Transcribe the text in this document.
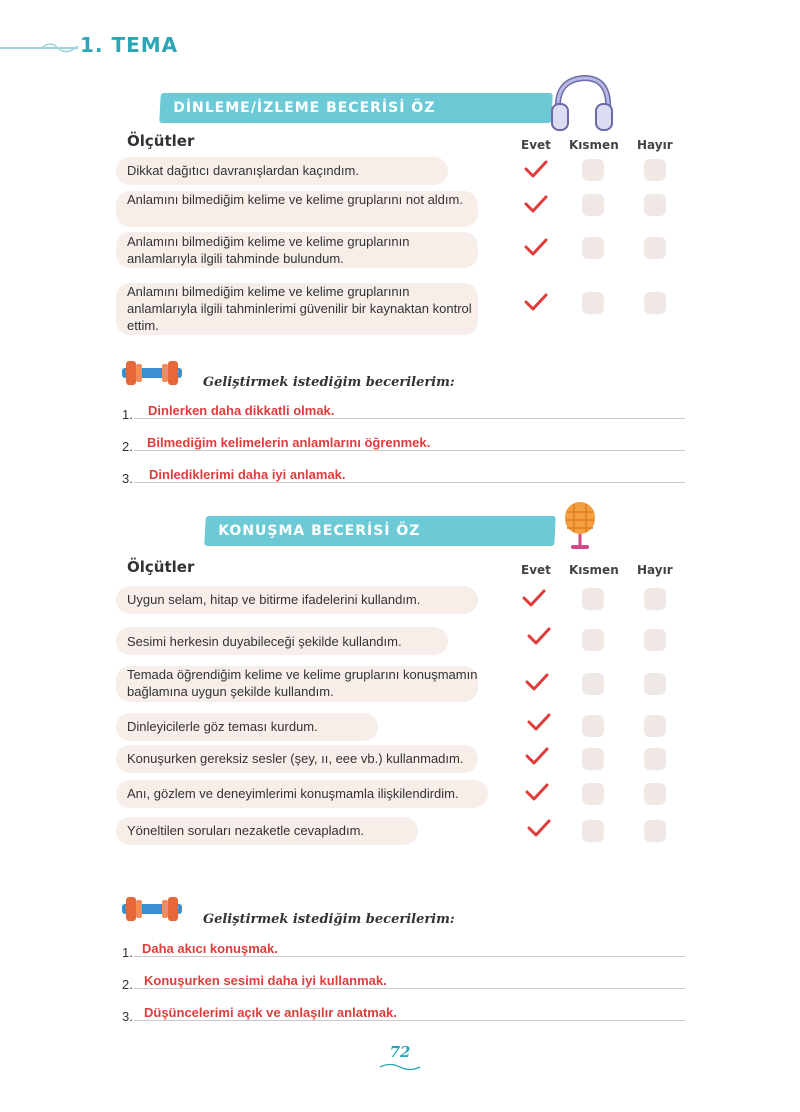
1. TEMA
DİNLEME/İZLEME BECERİSİ ÖZ DEĞERLENDİRME ÖLÇEĞİ
Ölçütler	Evet Kısmen Hayır
Dikkat dağıtıcı davranışlardan kaçındım.
Anlamını bilmediğim kelime ve kelime gruplarını not aldım.
Anlamını bilmediğim kelime ve kelime gruplarının anlamlarıyla ilgili tahminde bulundum.
Anlamını bilmediğim kelime ve kelime gruplarının anlamlarıyla ilgili tahminlerimi güvenilir bir kaynaktan kontrol ettim.
Geliştirmek istediğim becerilerim:
1. Dinlerken daha dikkatli olmak.
2. Bilmediğim kelimelerin anlamlarını öğrenmek.
3. Dinlediklerimi daha iyi anlamak.
KONUŞMA BECERİSİ ÖZ DEĞERLENDİRME ÖLÇEĞİ
Ölçütler	Evet Kısmen Hayır
Uygun selam, hitap ve bitirme ifadelerini kullandım.
Sesimi herkesin duyabileceği şekilde kullandım.
Temada öğrendiğim kelime ve kelime gruplarını konuşmamın bağlamına uygun şekilde kullandım.
Dinleyicilerle göz teması kurdum.
Konuşurken gereksiz sesler (şey, ıı, eee vb.) kullanmadım.
Anı, gözlem ve deneyimlerimi konuşmamla ilişkilendirdim.
Yöneltilen soruları nezaketle cevapladım.
Geliştirmek istediğim becerilerim:
1. Daha akıcı konuşmak.
2. Konuşurken sesimi daha iyi kullanmak.
3. Düşüncelerimi açık ve anlaşılır anlatmak.
72
